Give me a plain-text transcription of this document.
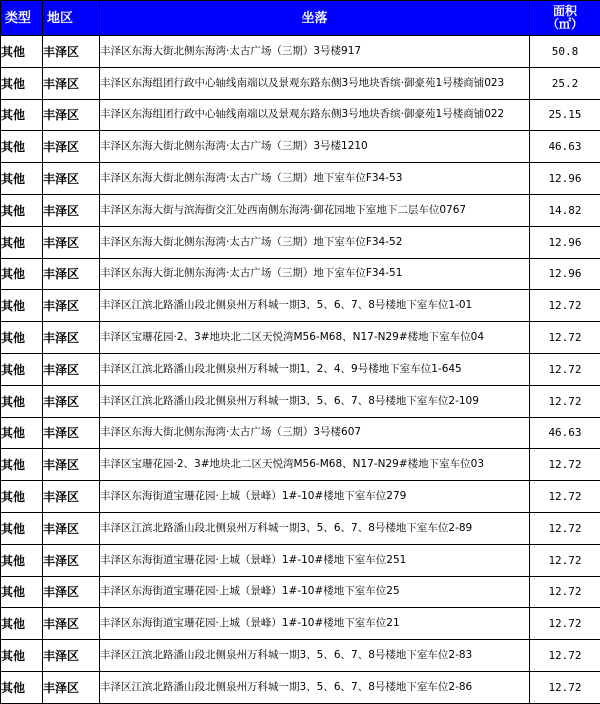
类型	地区	坐落	面积
（㎡）

其他	丰泽区	丰泽区东海大街北侧东海湾·太古广场（三期）3号楼917	50.8
其他	丰泽区	丰泽区东海组团行政中心轴线南端以及景观东路东侧3号地块香缤·御豪苑1号楼商铺023	25.2
其他	丰泽区	丰泽区东海组团行政中心轴线南端以及景观东路东侧3号地块香缤·御豪苑1号楼商铺022	25.15
其他	丰泽区	丰泽区东海大街北侧东海湾·太古广场（三期）3号楼1210	46.63
其他	丰泽区	丰泽区东海大街北侧东海湾·太古广场（三期）地下室车位F34-53	12.96
其他	丰泽区	丰泽区东海大街与滨海街交汇处西南侧东海湾·御花园地下室地下二层车位0767	14.82
其他	丰泽区	丰泽区东海大街北侧东海湾·太古广场（三期）地下室车位F34-52	12.96
其他	丰泽区	丰泽区东海大街北侧东海湾·太古广场（三期）地下室车位F34-51	12.96
其他	丰泽区	丰泽区江滨北路潘山段北侧泉州万科城一期3、5、6、7、8号楼地下室车位1-01	12.72
其他	丰泽区	丰泽区宝珊花园·2、3#地块北二区天悦湾M56-M68、N17-N29#楼地下室车位04	12.72
其他	丰泽区	丰泽区江滨北路潘山段北侧泉州万科城一期1、2、4、9号楼地下室车位1-645	12.72
其他	丰泽区	丰泽区江滨北路潘山段北侧泉州万科城一期3、5、6、7、8号楼地下室车位2-109	12.72
其他	丰泽区	丰泽区东海大街北侧东海湾·太古广场（三期）3号楼607	46.63
其他	丰泽区	丰泽区宝珊花园·2、3#地块北二区天悦湾M56-M68、N17-N29#楼地下室车位03	12.72
其他	丰泽区	丰泽区东海街道宝珊花园·上城（景峰）1#-10#楼地下室车位279	12.72
其他	丰泽区	丰泽区江滨北路潘山段北侧泉州万科城一期3、5、6、7、8号楼地下室车位2-89	12.72
其他	丰泽区	丰泽区东海街道宝珊花园·上城（景峰）1#-10#楼地下室车位251	12.72
其他	丰泽区	丰泽区东海街道宝珊花园·上城（景峰）1#-10#楼地下室车位25	12.72
其他	丰泽区	丰泽区东海街道宝珊花园·上城（景峰）1#-10#楼地下室车位21	12.72
其他	丰泽区	丰泽区江滨北路潘山段北侧泉州万科城一期3、5、6、7、8号楼地下室车位2-83	12.72
其他	丰泽区	丰泽区江滨北路潘山段北侧泉州万科城一期3、5、6、7、8号楼地下室车位2-86	12.72
